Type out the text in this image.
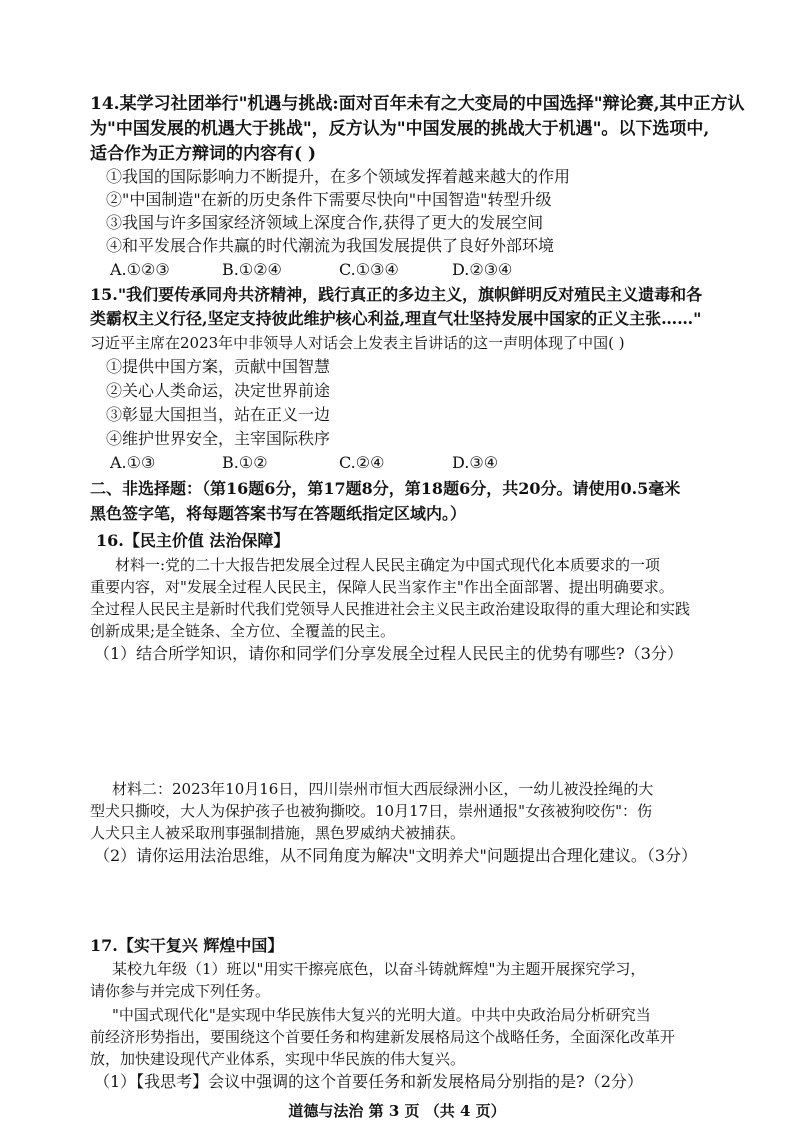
14.某学习社团举行"机遇与挑战:面对百年未有之大变局的中国选择"辩论赛,其中正方认
为"中国发展的机遇大于挑战"，反方认为"中国发展的挑战大于机遇"。以下选项中,
适合作为正方辩词的内容有( )
①我国的国际影响力不断提升，在多个领域发挥着越来越大的作用
②"中国制造"在新的历史条件下需要尽快向"中国智造"转型升级
③我国与许多国家经济领域上深度合作,获得了更大的发展空间
④和平发展合作共赢的时代潮流为我国发展提供了良好外部环境
A.①②③	B.①②④	C.①③④	D.②③④
15."我们要传承同舟共济精神，践行真正的多边主义，旗帜鲜明反对殖民主义遗毒和各
类霸权主义行径,坚定支持彼此维护核心利益,理直气壮坚持发展中国家的正义主张……"
习近平主席在2023年中非领导人对话会上发表主旨讲话的这一声明体现了中国( )
①提供中国方案，贡献中国智慧
②关心人类命运，决定世界前途
③彰显大国担当，站在正义一边
④维护世界安全，主宰国际秩序
A.①③	B.①②	C.②④	D.③④
二、非选择题：（第16题6分，第17题8分，第18题6分，共20分。请使用0.5毫米
黑色签字笔，将每题答案书写在答题纸指定区域内。）
16.【民主价值 法治保障】
材料一:党的二十大报告把发展全过程人民民主确定为中国式现代化本质要求的一项
重要内容，对"发展全过程人民民主，保障人民当家作主"作出全面部署、提出明确要求。
全过程人民民主是新时代我们党领导人民推进社会主义民主政治建设取得的重大理论和实践
创新成果;是全链条、全方位、全覆盖的民主。
（1）结合所学知识，请你和同学们分享发展全过程人民民主的优势有哪些?（3分）
材料二：2023年10月16日，四川崇州市恒大西辰绿洲小区，一幼儿被没拴绳的大
型犬只撕咬，大人为保护孩子也被狗撕咬。10月17日，崇州通报"女孩被狗咬伤"：伤
人犬只主人被采取刑事强制措施，黑色罗威纳犬被捕获。
（2）请你运用法治思维，从不同角度为解决"文明养犬"问题提出合理化建议。（3分）
17.【实干复兴 辉煌中国】
某校九年级（1）班以"用实干擦亮底色，以奋斗铸就辉煌"为主题开展探究学习，
请你参与并完成下列任务。
"中国式现代化"是实现中华民族伟大复兴的光明大道。中共中央政治局分析研究当
前经济形势指出，要围绕这个首要任务和构建新发展格局这个战略任务，全面深化改革开
放，加快建设现代产业体系，实现中华民族的伟大复兴。
（1）【我思考】会议中强调的这个首要任务和新发展格局分别指的是?（2分）
道德与法治 第 3 页 （共 4 页）
